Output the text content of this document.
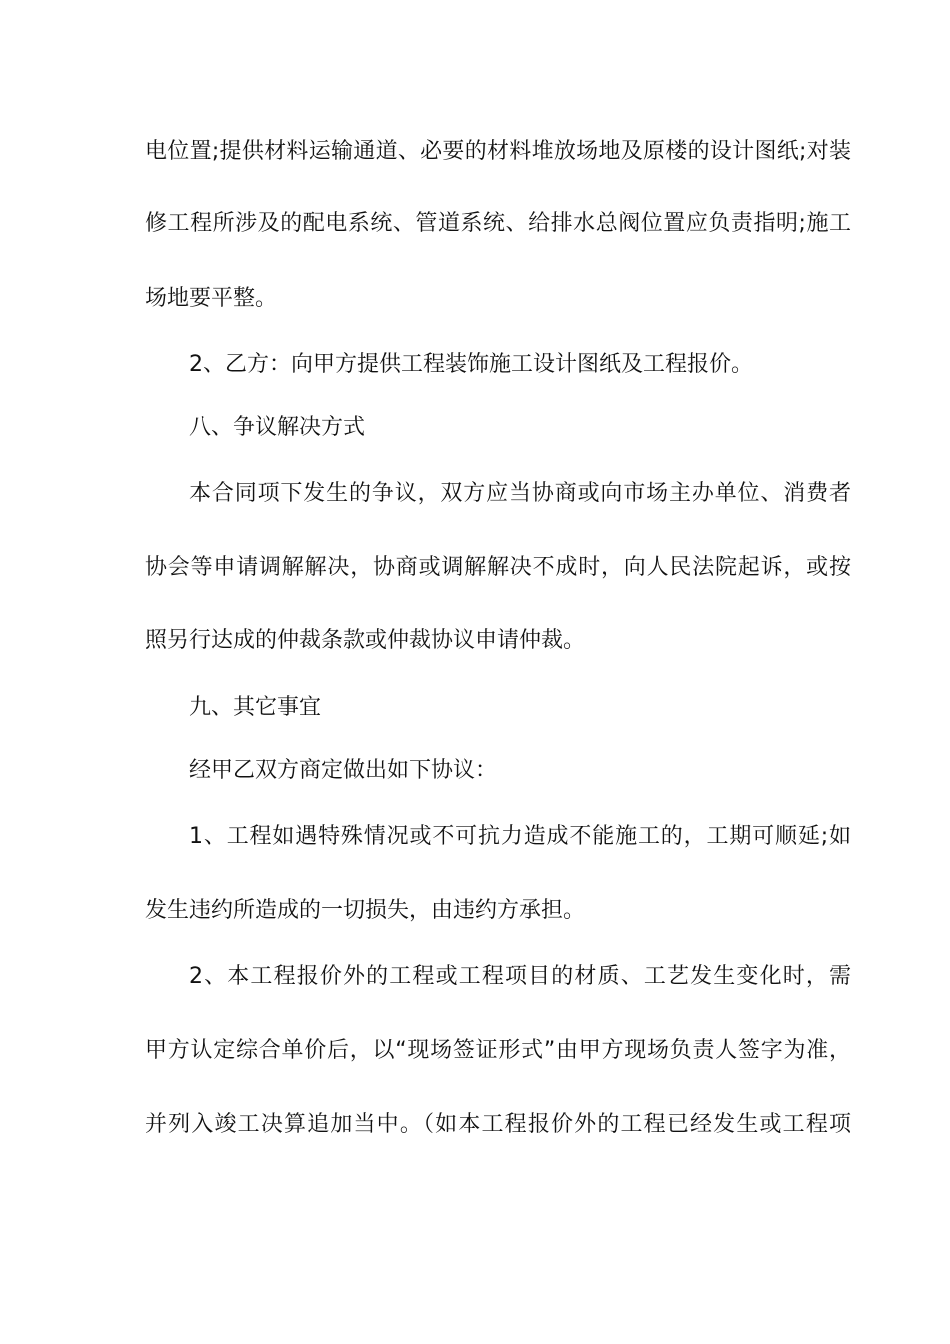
电位置;提供材料运输通道、必要的材料堆放场地及原楼的设计图纸;对装
修工程所涉及的配电系统、管道系统、给排水总阀位置应负责指明;施工
场地要平整。
2、乙方：向甲方提供工程装饰施工设计图纸及工程报价。
八、争议解决方式
本合同项下发生的争议，双方应当协商或向市场主办单位、消费者
协会等申请调解解决，协商或调解解决不成时，向人民法院起诉，或按
照另行达成的仲裁条款或仲裁协议申请仲裁。
九、其它事宜
经甲乙双方商定做出如下协议：
1、工程如遇特殊情况或不可抗力造成不能施工的，工期可顺延;如
发生违约所造成的一切损失，由违约方承担。
2、本工程报价外的工程或工程项目的材质、工艺发生变化时，需
甲方认定综合单价后，以“现场签证形式”由甲方现场负责人签字为准，
并列入竣工决算追加当中。（如本工程报价外的工程已经发生或工程项
